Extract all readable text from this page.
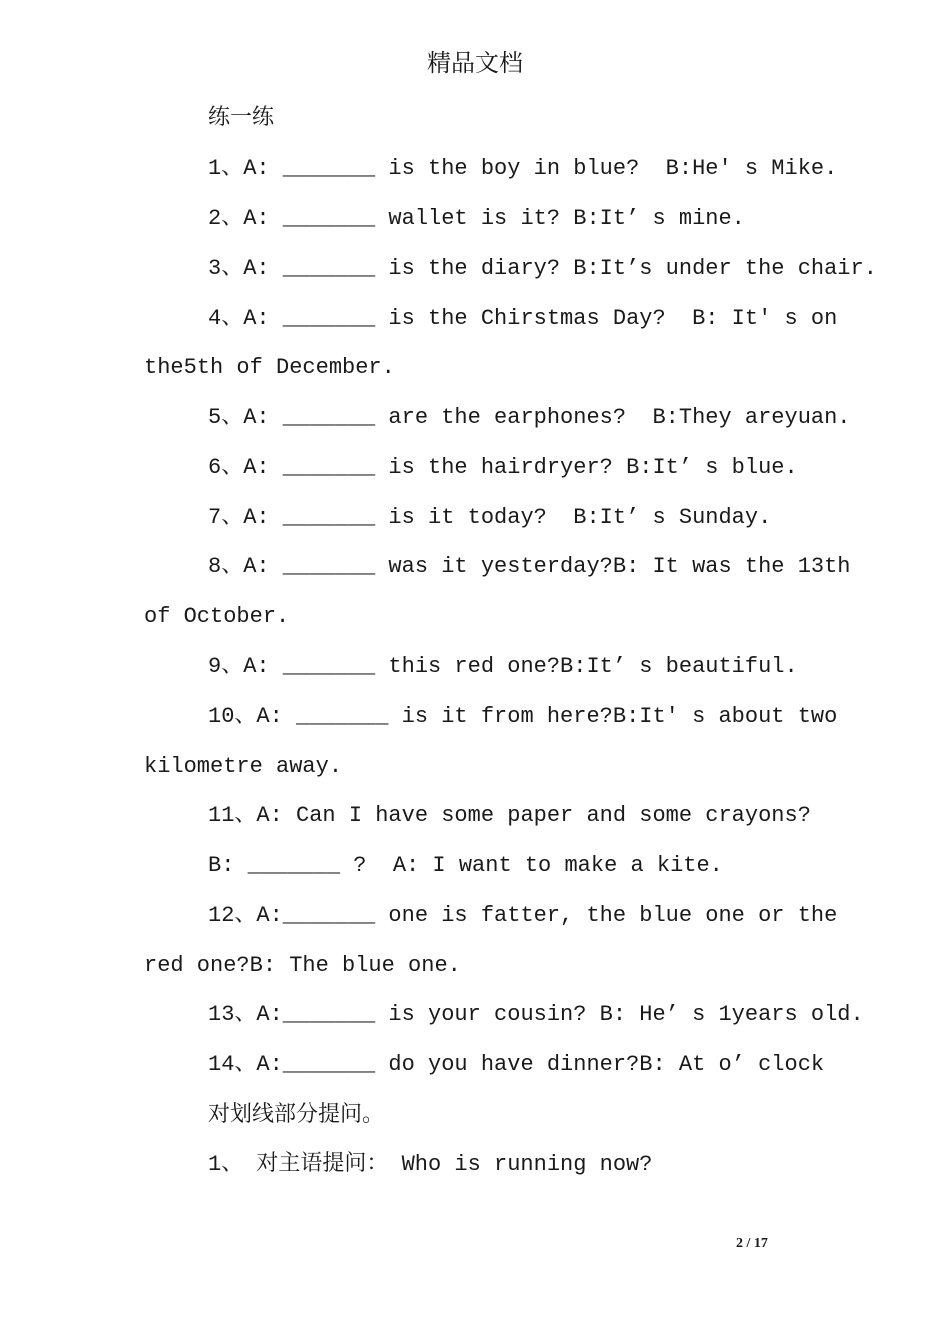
精品文档
练一练
1、A: _______ is the boy in blue?  B:He' s Mike.
2、A: _______ wallet is it? B:It’ s mine.
3、A: _______ is the diary? B:It’s under the chair.
4、A: _______ is the Chirstmas Day?  B: It' s on
the5th of December.
5、A: _______ are the earphones?  B:They areyuan.
6、A: _______ is the hairdryer? B:It’ s blue.
7、A: _______ is it today?  B:It’ s Sunday.
8、A: _______ was it yesterday?B: It was the 13th
of October.
9、A: _______ this red one?B:It’ s beautiful.
10、A: _______ is it from here?B:It' s about two
kilometre away.
11、A: Can I have some paper and some crayons?
B: _______ ?  A: I want to make a kite.
12、A:_______ one is fatter, the blue one or the
red one?B: The blue one.
13、A:_______ is your cousin? B: He’ s 1years old.
14、A:_______ do you have dinner?B: At o’ clock
对划线部分提问。
1、 对主语提问： Who is running now?
2 / 17
